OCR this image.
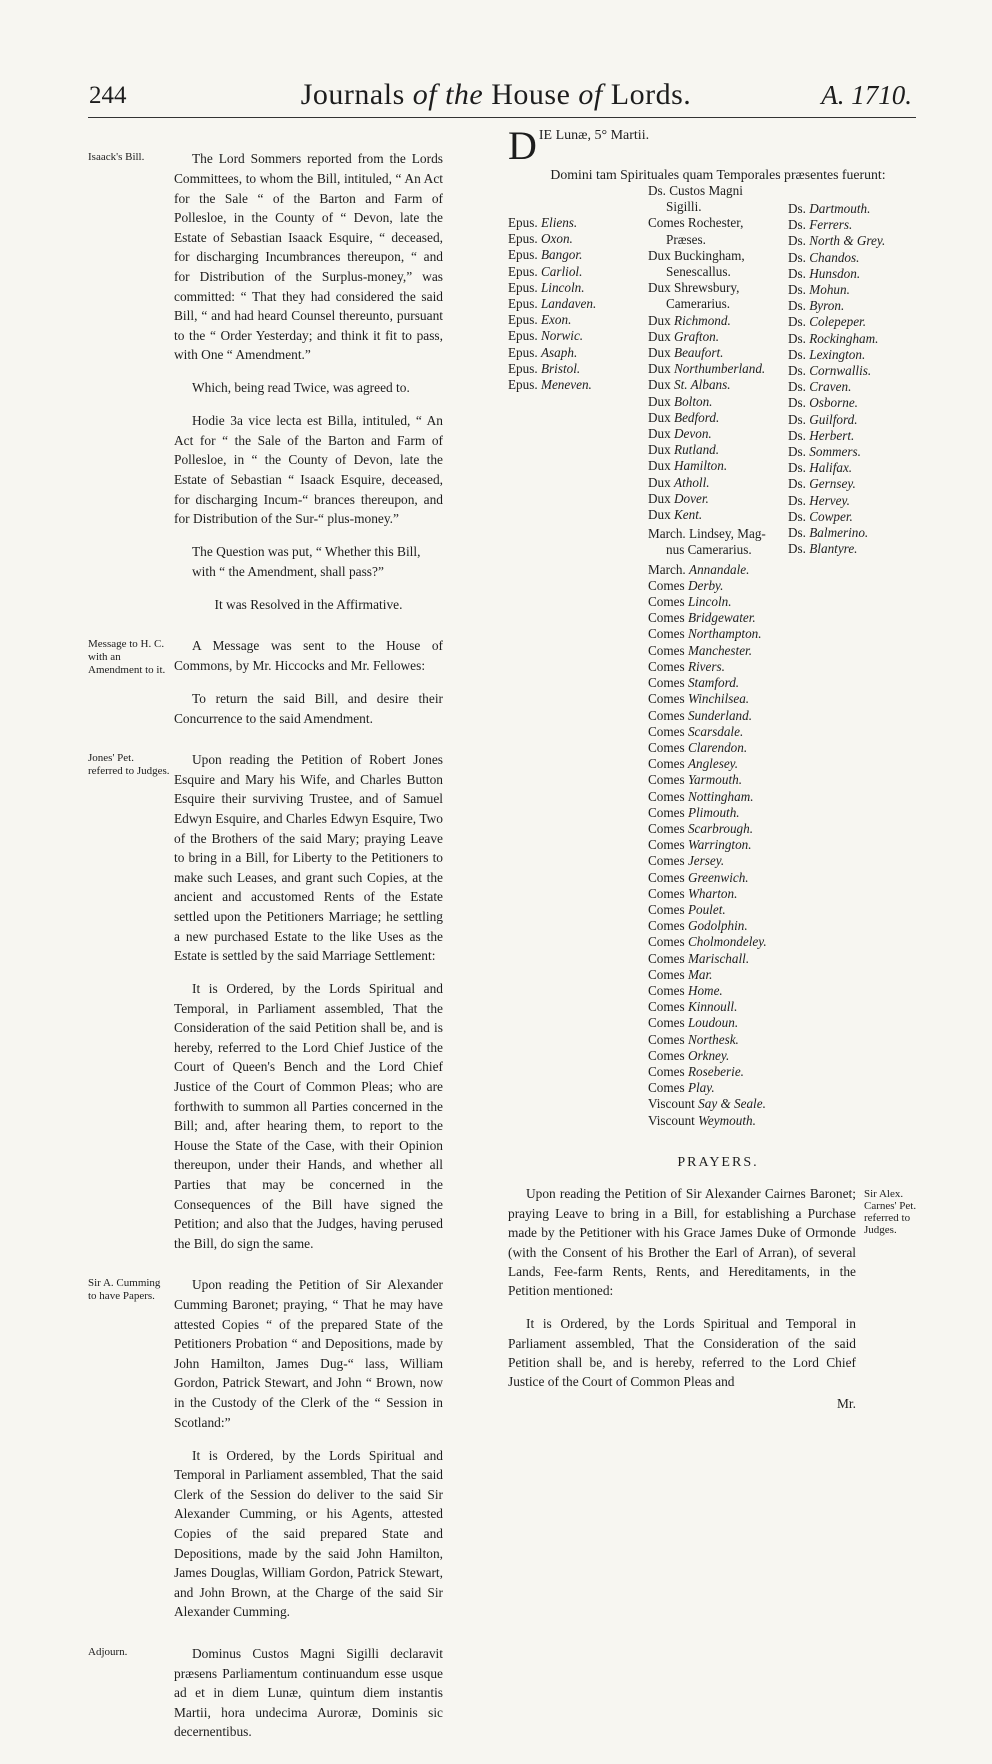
244	Journals of the House of Lords.	A. 1710.
Isaack's Bill.	The Lord Sommers reported from the Lords Committees, to whom the Bill, intituled, “ An Act for the Sale “ of the Barton and Farm of Pollesloe, in the County of “ Devon, late the Estate of Sebastian Isaack Esquire, “ deceased, for discharging Incumbrances thereupon, “ and for Distribution of the Surplus-money,” was committed: “ That they had considered the said Bill, “ and had heard Counsel thereunto, pursuant to the “ Order Yesterday; and think it fit to pass, with One “ Amendment.”

Which, being read Twice, was agreed to.

Hodie 3a vice lecta est Billa, intituled, “ An Act for “ the Sale of the Barton and Farm of Pollesloe, in “ the County of Devon, late the Estate of Sebastian “ Isaack Esquire, deceased, for discharging Incum-“ brances thereupon, and for Distribution of the Sur-“ plus-money.”

The Question was put, “ Whether this Bill, with “ the Amendment, shall pass?”

It was Resolved in the Affirmative.

Message to H. C. with an Amendment to it.

A Message was sent to the House of Commons, by Mr. Hiccocks and Mr. Fellowes:

To return the said Bill, and desire their Concurrence to the said Amendment.

Jones' Pet. referred to Judges.

Upon reading the Petition of Robert Jones Esquire and Mary his Wife, and Charles Button Esquire their surviving Trustee, and of Samuel Edwyn Esquire, and Charles Edwyn Esquire, Two of the Brothers of the said Mary; praying Leave to bring in a Bill, for Liberty to the Petitioners to make such Leases, and grant such Copies, at the ancient and accustomed Rents of the Estate settled upon the Petitioners Marriage; he settling a new purchased Estate to the like Uses as the Estate is settled by the said Marriage Settlement:

It is Ordered, by the Lords Spiritual and Temporal, in Parliament assembled, That the Consideration of the said Petition shall be, and is hereby, referred to the Lord Chief Justice of the Court of Queen's Bench and the Lord Chief Justice of the Court of Common Pleas; who are forthwith to summon all Parties concerned in the Bill; and, after hearing them, to report to the House the State of the Case, with their Opinion thereupon, under their Hands, and whether all Parties that may be concerned in the Consequences of the Bill have signed the Petition; and also that the Judges, having perused the Bill, do sign the same.

Sir A. Cumming to have Papers.

Upon reading the Petition of Sir Alexander Cumming Baronet; praying, “ That he may have attested Copies “ of the prepared State of the Petitioners Probation “ and Depositions, made by John Hamilton, James Dug-“ lass, William Gordon, Patrick Stewart, and John “ Brown, now in the Custody of the Clerk of the “ Session in Scotland:”

It is Ordered, by the Lords Spiritual and Temporal in Parliament assembled, That the said Clerk of the Session do deliver to the said Sir Alexander Cumming, or his Agents, attested Copies of the said prepared State and Depositions, made by the said John Hamilton, James Douglas, William Gordon, Patrick Stewart, and John Brown, at the Charge of the said Sir Alexander Cumming.

Adjourn.	Dominus Custos Magni Sigilli declaravit præsens Parliamentum continuandum esse usque ad et in diem Lunæ, quintum diem instantis Martii, hora undecima Auroræ, Dominis sic decernentibus.

D IE Lunæ, 5° Martii.
Domini tam Spirituales quam Temporales præsentes fuerunt:
Epus. Eliens.
Epus. Oxon.
Epus. Bangor.
Epus. Carliol.
Epus. Lincoln.
Epus. Landaven.
Epus. Exon.
Epus. Norwic.
Epus. Asaph.
Epus. Bristol.
Epus. Meneven.
Ds. Custos Magni
Sigilli.
Comes Rochester,
Præses.
Dux Buckingham,
Senescallus.
Dux Shrewsbury,
Camerarius.
Dux Richmond.
Dux Grafton.
Dux Beaufort.
Dux Northumberland.
Dux St. Albans.
Dux Bolton.
Dux Bedford.
Dux Devon.
Dux Rutland.
Dux Hamilton.
Dux Atholl.
Dux Dover.
Dux Kent.
March. Lindsey, Mag-
nus Camerarius.
March. Annandale.
Comes Derby.
Comes Lincoln.
Comes Bridgewater.
Comes Northampton.
Comes Manchester.
Comes Rivers.
Comes Stamford.
Comes Winchilsea.
Comes Sunderland.
Comes Scarsdale.
Comes Clarendon.
Comes Anglesey.
Comes Yarmouth.
Comes Nottingham.
Comes Plimouth.
Comes Scarbrough.
Comes Warrington.
Comes Jersey.
Comes Greenwich.
Comes Wharton.
Comes Poulet.
Comes Godolphin.
Comes Cholmondeley.
Comes Marischall.
Comes Mar.
Comes Home.
Comes Kinnoull.
Comes Loudoun.
Comes Northesk.
Comes Orkney.
Comes Roseberie.
Comes Play.
Viscount Say & Seale.
Viscount Weymouth.
Ds. Dartmouth.
Ds. Ferrers.
Ds. North & Grey.
Ds. Chandos.
Ds. Hunsdon.
Ds. Mohun.
Ds. Byron.
Ds. Colepeper.
Ds. Rockingham.
Ds. Lexington.
Ds. Cornwallis.
Ds. Craven.
Ds. Osborne.
Ds. Guilford.
Ds. Herbert.
Ds. Sommers.
Ds. Halifax.
Ds. Gernsey.
Ds. Hervey.
Ds. Cowper.
Ds. Balmerino.
Ds. Blantyre.
PRAYERS.
Sir Alex. Carnes' Pet. referred to Judges.

Upon reading the Petition of Sir Alexander Cairnes Baronet; praying Leave to bring in a Bill, for establishing a Purchase made by the Petitioner with his Grace James Duke of Ormonde (with the Consent of his Brother the Earl of Arran), of several Lands, Fee-farm Rents, Rents, and Hereditaments, in the Petition mentioned:

It is Ordered, by the Lords Spiritual and Temporal in Parliament assembled, That the Consideration of the said Petition shall be, and is hereby, referred to the Lord Chief Justice of the Court of Common Pleas and

Mr.
